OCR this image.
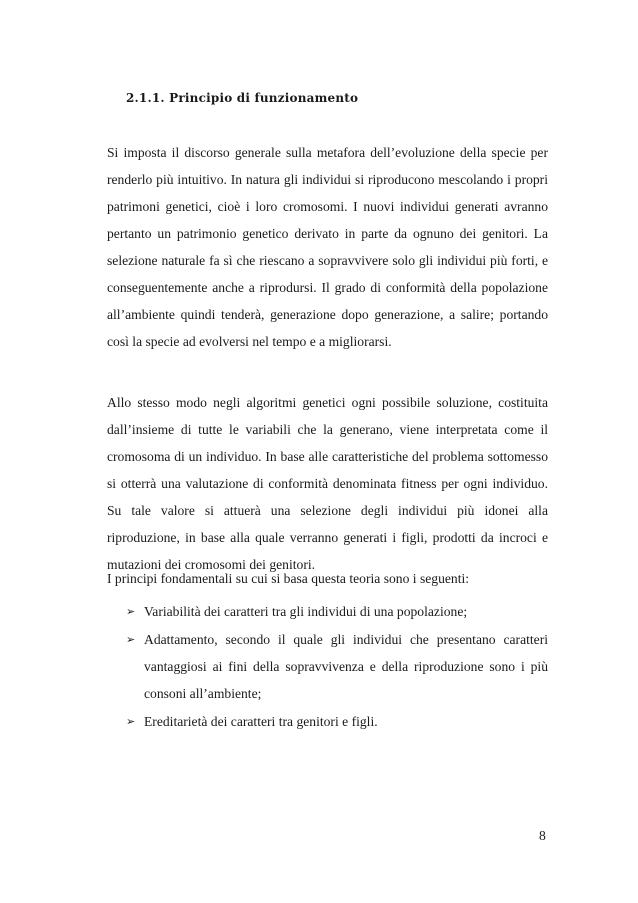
2.1.1. Principio di funzionamento

Si imposta il discorso generale sulla metafora dell’evoluzione della specie per renderlo più intuitivo. In natura gli individui si riproducono mescolando i propri patrimoni genetici, cioè i loro cromosomi. I nuovi individui generati avranno pertanto un patrimonio genetico derivato in parte da ognuno dei genitori. La selezione naturale fa sì che riescano a sopravvivere solo gli individui più forti, e conseguentemente anche a riprodursi. Il grado di conformità della popolazione all’ambiente quindi tenderà, generazione dopo generazione, a salire; portando così la specie ad evolversi nel tempo e a migliorarsi.

Allo stesso modo negli algoritmi genetici ogni possibile soluzione, costituita dall’insieme di tutte le variabili che la generano, viene interpretata come il cromosoma di un individuo. In base alle caratteristiche del problema sottomesso si otterrà una valutazione di conformità denominata fitness per ogni individuo. Su tale valore si attuerà una selezione degli individui più idonei alla riproduzione, in base alla quale verranno generati i figli, prodotti da incroci e mutazioni dei cromosomi dei genitori.

I principi fondamentali su cui si basa questa teoria sono i seguenti:

➢ Variabilità dei caratteri tra gli individui di una popolazione;
➢ Adattamento, secondo il quale gli individui che presentano caratteri vantaggiosi ai fini della sopravvivenza e della riproduzione sono i più consoni all’ambiente;
➢ Ereditarietà dei caratteri tra genitori e figli.
8
